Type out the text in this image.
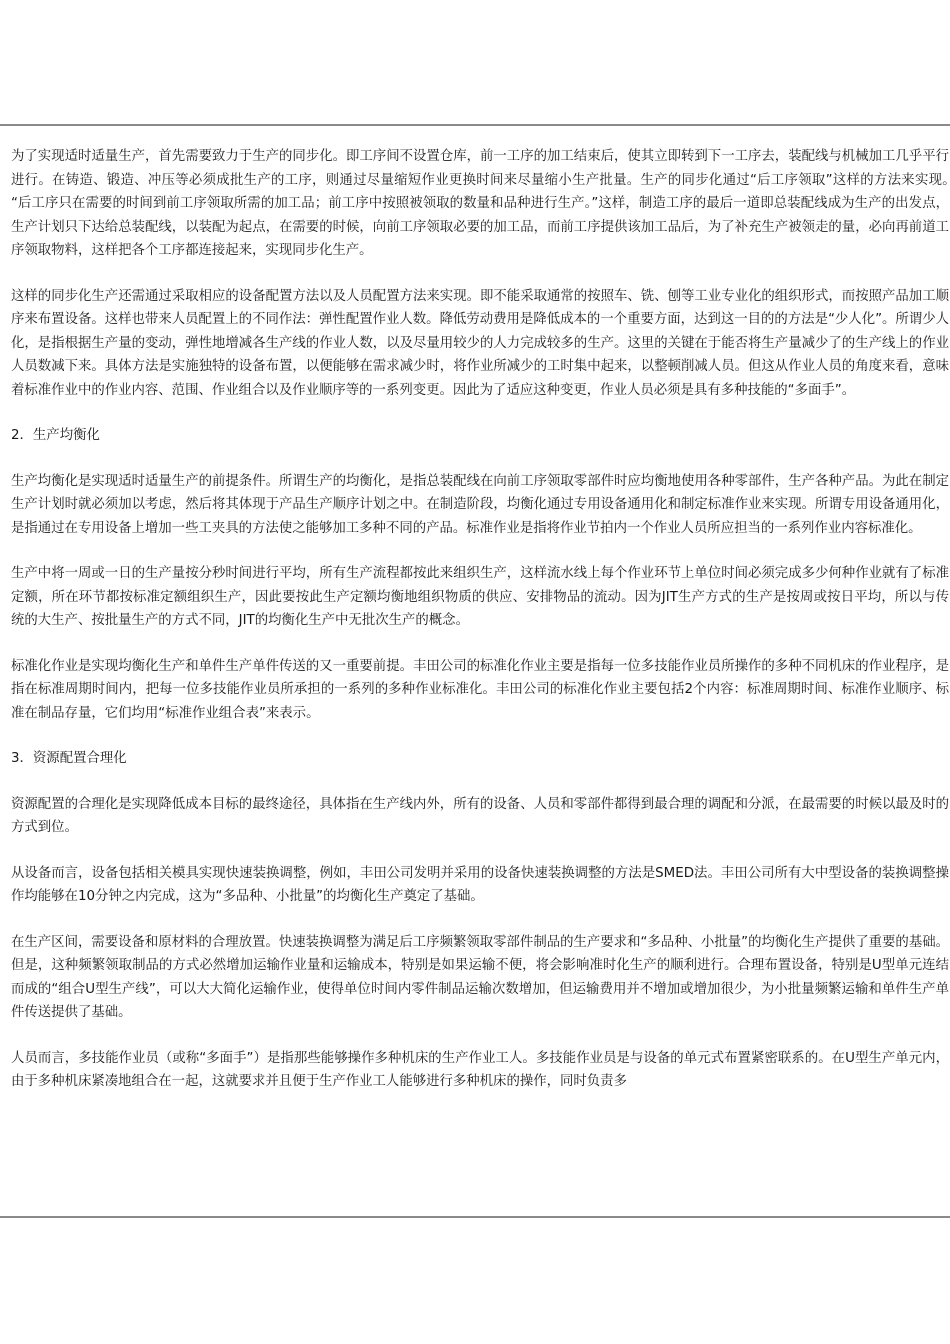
为了实现适时适量生产，首先需要致力于生产的同步化。即工序间不设置仓库，前一工序的加工结束后，使其立即转到下一工序去，装配线与机械加工几乎平行进行。在铸造、锻造、冲压等必须成批生产的工序，则通过尽量缩短作业更换时间来尽量缩小生产批量。生产的同步化通过“后工序领取”这样的方法来实现。　“后工序只在需要的时间到前工序领取所需的加工品；前工序中按照被领取的数量和品种进行生产。”这样，制造工序的最后一道即总装配线成为生产的出发点，生产计划只下达给总装配线，以装配为起点，在需要的时候，向前工序领取必要的加工品，而前工序提供该加工品后，为了补充生产被领走的量，必向再前道工序领取物料，这样把各个工序都连接起来，实现同步化生产。

这样的同步化生产还需通过采取相应的设备配置方法以及人员配置方法来实现。即不能采取通常的按照车、铣、刨等工业专业化的组织形式，而按照产品加工顺序来布置设备。这样也带来人员配置上的不同作法：弹性配置作业人数。降低劳动费用是降低成本的一个重要方面，达到这一目的的方法是“少人化”。所谓少人化，是指根据生产量的变动，弹性地增减各生产线的作业人数，以及尽量用较少的人力完成较多的生产。这里的关键在于能否将生产量减少了的生产线上的作业人员数减下来。具体方法是实施独特的设备布置，以便能够在需求减少时，将作业所减少的工时集中起来，以整顿削减人员。但这从作业人员的角度来看，意味着标准作业中的作业内容、范围、作业组合以及作业顺序等的一系列变更。因此为了适应这种变更，作业人员必须是具有多种技能的“多面手”。

2．生产均衡化

生产均衡化是实现适时适量生产的前提条件。所谓生产的均衡化，是指总装配线在向前工序领取零部件时应均衡地使用各种零部件，生产各种产品。为此在制定生产计划时就必须加以考虑，然后将其体现于产品生产顺序计划之中。在制造阶段，均衡化通过专用设备通用化和制定标准作业来实现。所谓专用设备通用化，是指通过在专用设备上增加一些工夹具的方法使之能够加工多种不同的产品。标准作业是指将作业节拍内一个作业人员所应担当的一系列作业内容标准化。

生产中将一周或一日的生产量按分秒时间进行平均，所有生产流程都按此来组织生产，这样流水线上每个作业环节上单位时间必须完成多少何种作业就有了标准定额，所在环节都按标准定额组织生产，因此要按此生产定额均衡地组织物质的供应、安排物品的流动。因为JIT生产方式的生产是按周或按日平均，所以与传统的大生产、按批量生产的方式不同，JIT的均衡化生产中无批次生产的概念。

标准化作业是实现均衡化生产和单件生产单件传送的又一重要前提。丰田公司的标准化作业主要是指每一位多技能作业员所操作的多种不同机床的作业程序，是指在标准周期时间内，把每一位多技能作业员所承担的一系列的多种作业标准化。丰田公司的标准化作业主要包括2个内容：标准周期时间、标准作业顺序、标准在制品存量，它们均用“标准作业组合表”来表示。

3．资源配置合理化

资源配置的合理化是实现降低成本目标的最终途径，具体指在生产线内外，所有的设备、人员和零部件都得到最合理的调配和分派，在最需要的时候以最及时的方式到位。

从设备而言，设备包括相关模具实现快速装换调整，例如，丰田公司发明并采用的设备快速装换调整的方法是SMED法。丰田公司所有大中型设备的装换调整操作均能够在10分钟之内完成，这为“多品种、小批量”的均衡化生产奠定了基础。

在生产区间，需要设备和原材料的合理放置。快速装换调整为满足后工序频繁领取零部件制品的生产要求和“多品种、小批量”的均衡化生产提供了重要的基础。但是，这种频繁领取制品的方式必然增加运输作业量和运输成本，特别是如果运输不便，将会影响准时化生产的顺利进行。合理布置设备，特别是U型单元连结而成的“组合U型生产线”，可以大大简化运输作业，使得单位时间内零件制品运输次数增加，但运输费用并不增加或增加很少，为小批量频繁运输和单件生产单件传送提供了基础。

人员而言，多技能作业员（或称“多面手”）是指那些能够操作多种机床的生产作业工人。多技能作业员是与设备的单元式布置紧密联系的。在U型生产单元内，由于多种机床紧凑地组合在一起，这就要求并且便于生产作业工人能够进行多种机床的操作，同时负责多
